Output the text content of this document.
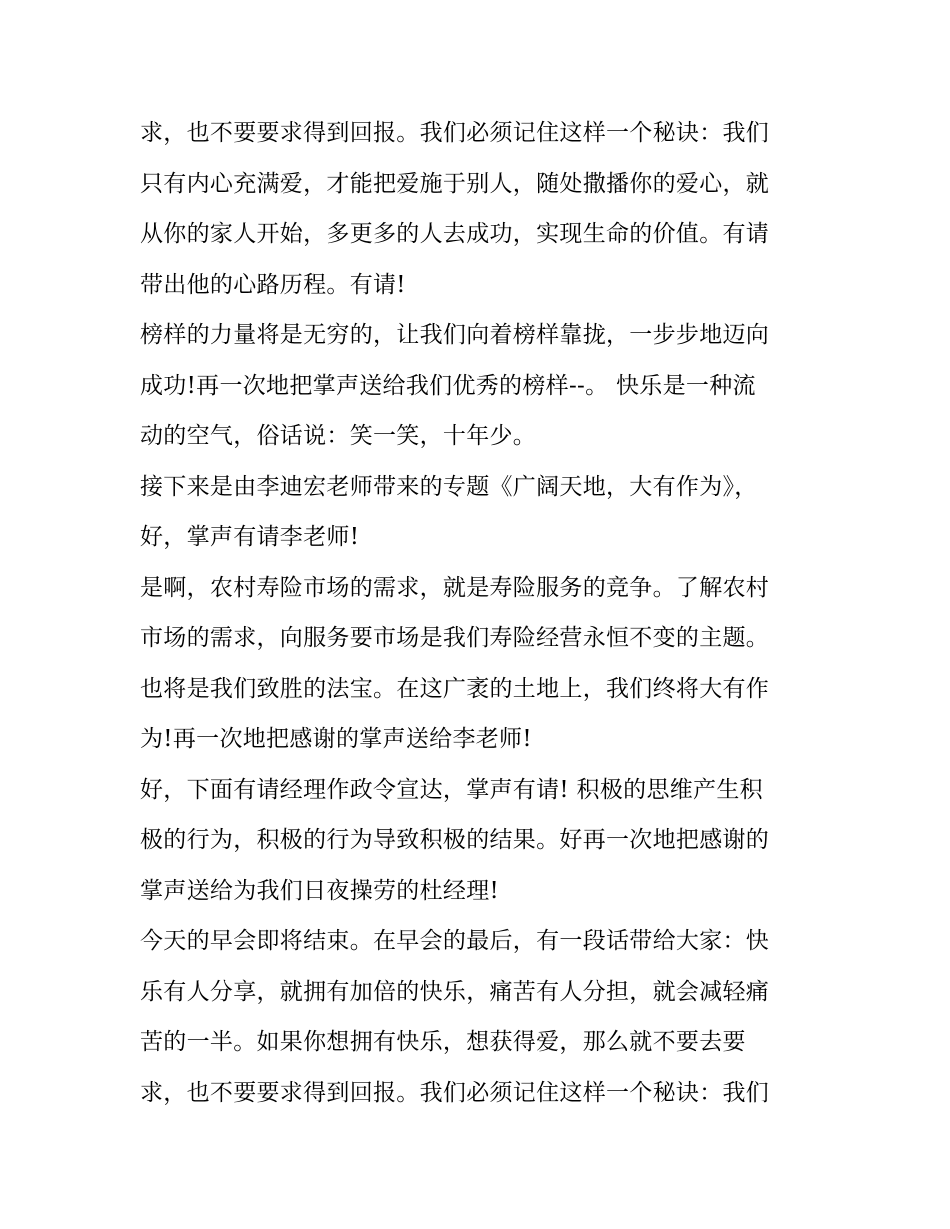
求，也不要要求得到回报。我们必须记住这样一个秘诀：我们

只有内心充满爱，才能把爱施于别人，随处撒播你的爱心，就

从你的家人开始，多更多的人去成功，实现生命的价值。有请

带出他的心路历程。有请!

榜样的力量将是无穷的，让我们向着榜样靠拢，一步步地迈向

成功!再一次地把掌声送给我们优秀的榜样--。 快乐是一种流

动的空气，俗话说：笑一笑，十年少。

接下来是由李迪宏老师带来的专题《广阔天地，大有作为》，

好，掌声有请李老师!

是啊，农村寿险市场的需求，就是寿险服务的竞争。了解农村

市场的需求，向服务要市场是我们寿险经营永恒不变的主题。

也将是我们致胜的法宝。在这广袤的土地上，我们终将大有作

为!再一次地把感谢的掌声送给李老师!

好，下面有请经理作政令宣达，掌声有请! 积极的思维产生积

极的行为，积极的行为导致积极的结果。好再一次地把感谢的

掌声送给为我们日夜操劳的杜经理!

今天的早会即将结束。在早会的最后，有一段话带给大家：快

乐有人分享，就拥有加倍的快乐，痛苦有人分担，就会减轻痛

苦的一半。如果你想拥有快乐，想获得爱，那么就不要去要

求，也不要要求得到回报。我们必须记住这样一个秘诀：我们
